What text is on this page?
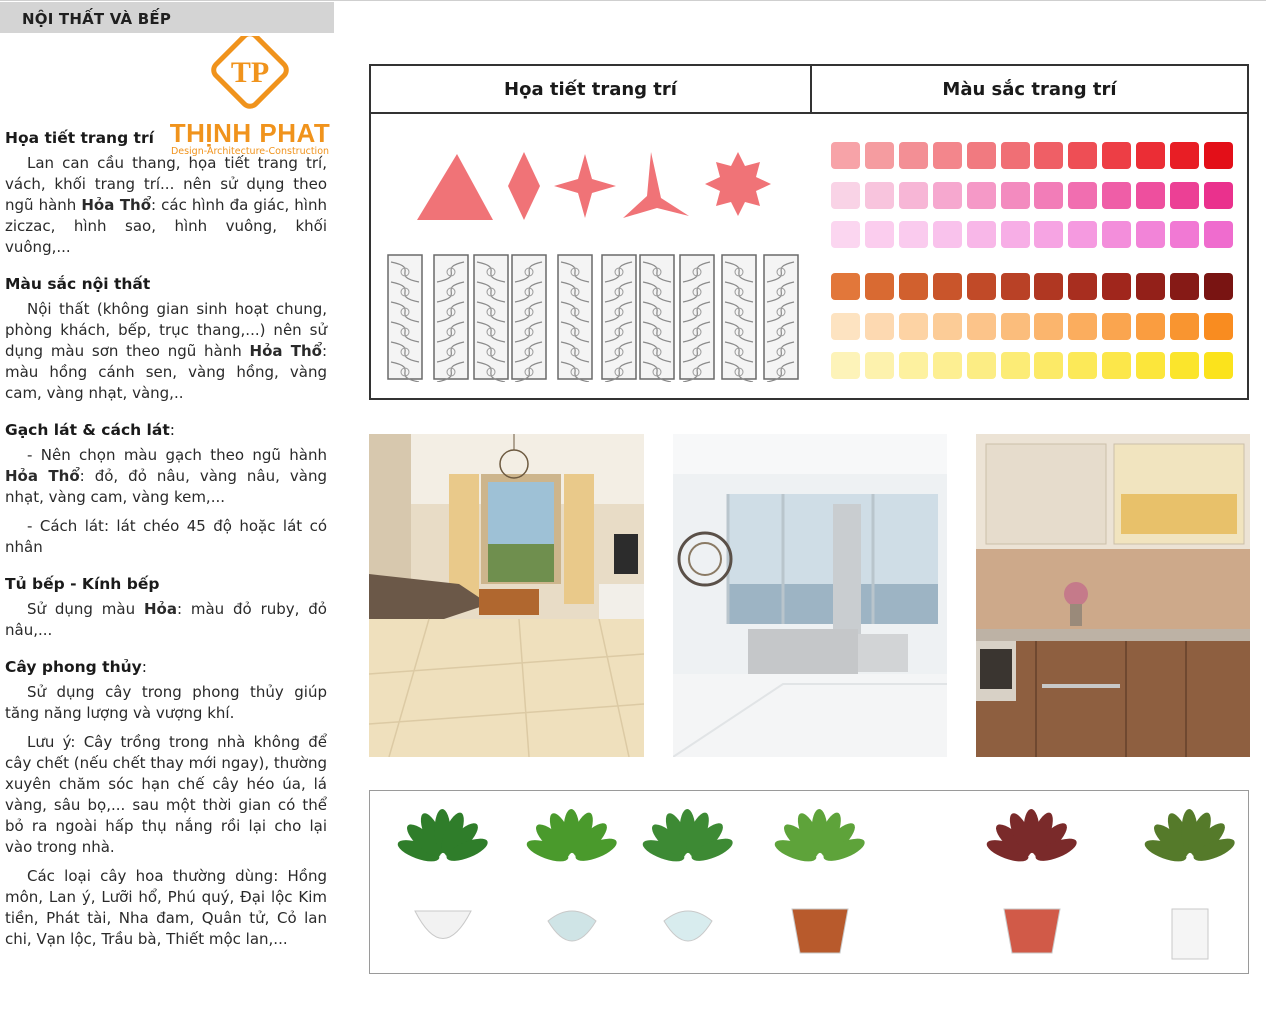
NỘI THẤT VÀ BẾP
TP
THỊNH PHAT
Design-Architecture-Construction
Họa tiết trang trí

Lan can cầu thang, họa tiết trang trí, vách, khối trang trí... nên sử dụng theo ngũ hành Hỏa Thổ: các hình đa giác, hình ziczac, hình sao, hình vuông, khối vuông,...

Màu sắc nội thất

Nội thất (không gian sinh hoạt chung, phòng khách, bếp, trục thang,...) nên sử dụng màu sơn theo ngũ hành Hỏa Thổ: màu hồng cánh sen, vàng hồng, vàng cam, vàng nhạt, vàng,..

Gạch lát & cách lát:

- Nên chọn màu gạch theo ngũ hành Hỏa Thổ: đỏ, đỏ nâu, vàng nâu, vàng nhạt, vàng cam, vàng kem,...

- Cách lát: lát chéo 45 độ hoặc lát có nhân

Tủ bếp - Kính bếp

Sử dụng màu Hỏa: màu đỏ ruby, đỏ nâu,...

Cây phong thủy:

Sử dụng cây trong phong thủy giúp tăng năng lượng và vượng khí.

Lưu ý: Cây trồng trong nhà không để cây chết (nếu chết thay mới ngay), thường xuyên chăm sóc hạn chế cây héo úa, lá vàng, sâu bọ,... sau một thời gian có thể bỏ ra ngoài hấp thụ nắng rồi lại cho lại vào trong nhà.

Các loại cây hoa thường dùng: Hồng môn, Lan ý, Lưỡi hổ, Phú quý, Đại lộc Kim tiền, Phát tài, Nha đam, Quân tử, Cỏ lan chi, Vạn lộc, Trầu bà, Thiết mộc lan,...

Họa tiết trang trí	Màu sắc trang trí
